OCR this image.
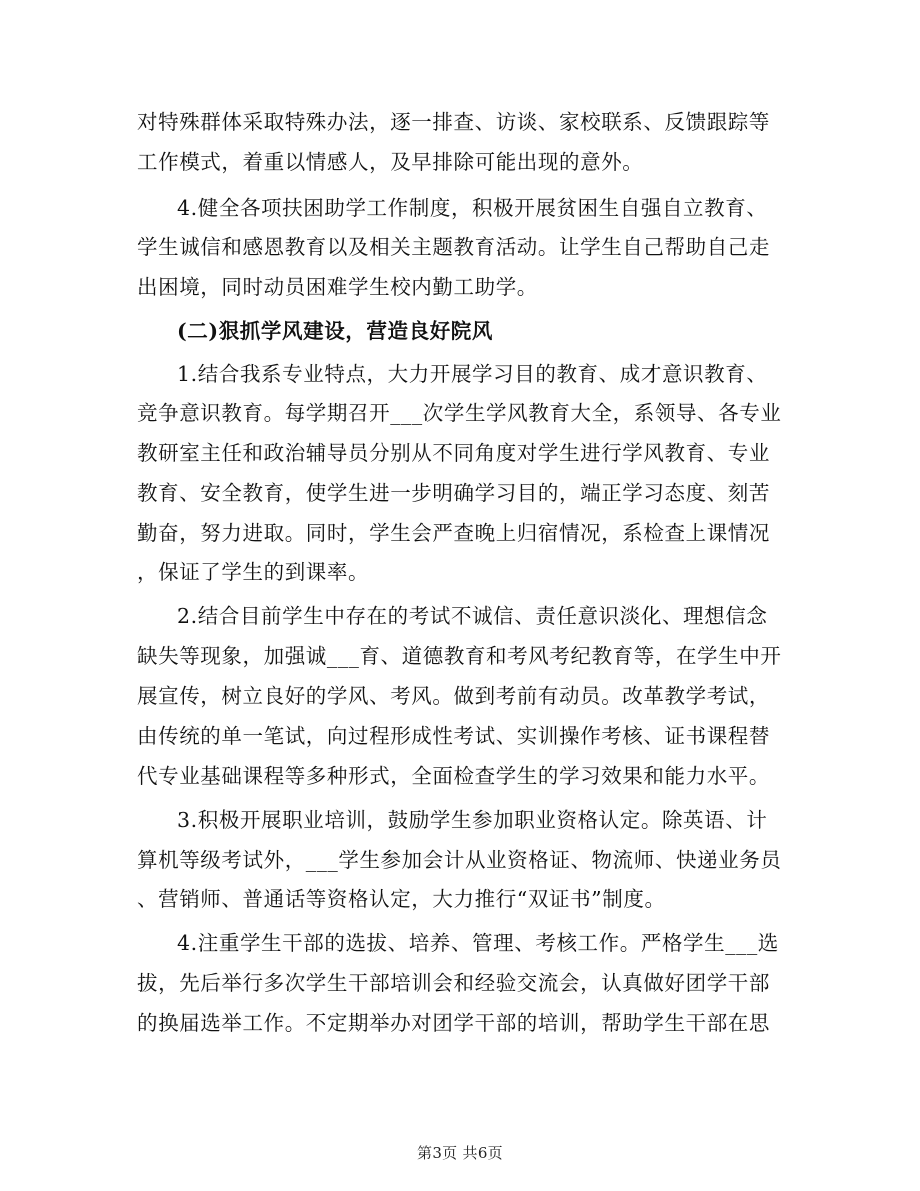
对特殊群体采取特殊办法，逐一排查、访谈、家校联系、反馈跟踪等
工作模式，着重以情感人，及早排除可能出现的意外。
4.健全各项扶困助学工作制度，积极开展贫困生自强自立教育、
学生诚信和感恩教育以及相关主题教育活动。让学生自己帮助自己走
出困境，同时动员困难学生校内勤工助学。
(二)狠抓学风建设，营造良好院风
1.结合我系专业特点，大力开展学习目的教育、成才意识教育、
竞争意识教育。每学期召开___次学生学风教育大全，系领导、各专业
教研室主任和政治辅导员分别从不同角度对学生进行学风教育、专业
教育、安全教育，使学生进一步明确学习目的，端正学习态度、刻苦
勤奋，努力进取。同时，学生会严查晚上归宿情况，系检查上课情况
，保证了学生的到课率。
2.结合目前学生中存在的考试不诚信、责任意识淡化、理想信念
缺失等现象，加强诚___育、道德教育和考风考纪教育等，在学生中开
展宣传，树立良好的学风、考风。做到考前有动员。改革教学考试，
由传统的单一笔试，向过程形成性考试、实训操作考核、证书课程替
代专业基础课程等多种形式，全面检查学生的学习效果和能力水平。
3.积极开展职业培训，鼓励学生参加职业资格认定。除英语、计
算机等级考试外，___学生参加会计从业资格证、物流师、快递业务员
、营销师、普通话等资格认定，大力推行“双证书”制度。
4.注重学生干部的选拔、培养、管理、考核工作。严格学生___选
拔，先后举行多次学生干部培训会和经验交流会，认真做好团学干部
的换届选举工作。不定期举办对团学干部的培训，帮助学生干部在思
第3页 共6页
